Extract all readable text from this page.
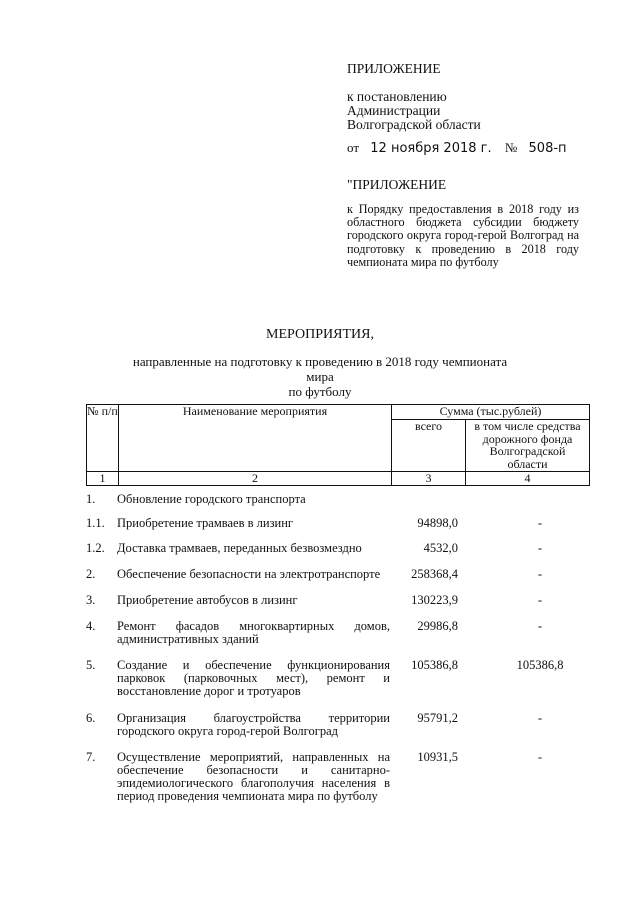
ПРИЛОЖЕНИЕ
к постановлению
Администрации
Волгоградской области
от 12 ноября 2018 г. № 508-п
"ПРИЛОЖЕНИЕ
к Порядку предоставления в 2018 году из областного бюджета субсидии бюджету городского округа город-герой Волгоград на подготовку к проведению в 2018 году чемпионата мира по футболу
МЕРОПРИЯТИЯ,
направленные на подготовку к проведению в 2018 году чемпионата мира
по футболу
№ п/п	Наименование мероприятия	Сумма (тыс.рублей)	
		всего	в том числе средства дорожного фонда Волгоградской области
1	2	3	4
1. Обновление городского транспорта
1.1. Приобретение трамваев в лизинг	94898,0	-
1.2. Доставка трамваев, переданных безвозмездно	4532,0	-
2. Обеспечение безопасности на электротранспорте	258368,4	-
3. Приобретение автобусов в лизинг	130223,9	-
4. Ремонт фасадов многоквартирных домов, административных зданий
29986,8	-
5. Создание и обеспечение функционирования парковок (парковочных мест), ремонт и восстановление дорог и тротуаров
105386,8	105386,8
6. Организация благоустройства территории городского округа город-герой Волгоград
95791,2	-
7. Осуществление мероприятий, направленных на обеспечение безопасности и санитарно-эпидемиологического благополучия населения в период проведения чемпионата мира по футболу
10931,5	-
